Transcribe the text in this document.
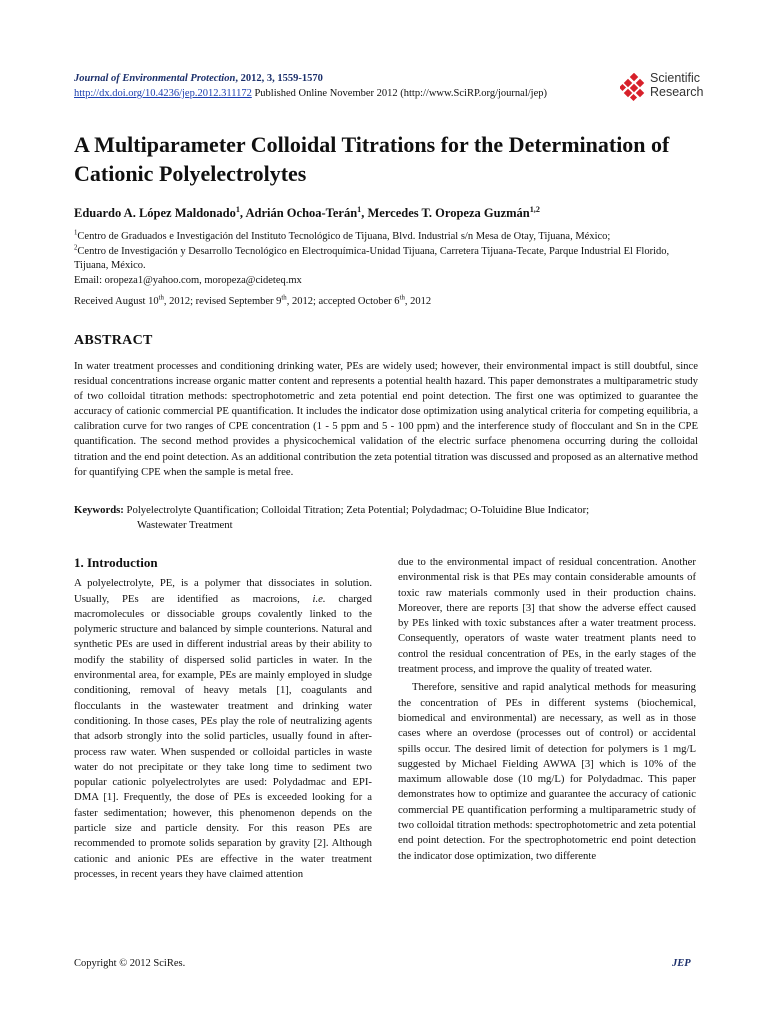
Journal of Environmental Protection, 2012, 3, 1559-1570
http://dx.doi.org/10.4236/jep.2012.311172 Published Online November 2012 (http://www.SciRP.org/journal/jep)
Scientific
Research
A Multiparameter Colloidal Titrations for the Determination of Cationic Polyelectrolytes
Eduardo A. López Maldonado$^1$, Adrián Ochoa-Terán$^1$, Mercedes T. Oropeza Guzmán$^{1,2}$
$^1$Centro de Graduados e Investigación del Instituto Tecnológico de Tijuana, Blvd. Industrial s/n Mesa de Otay, Tijuana, México;
$^2$Centro de Investigación y Desarrollo Tecnológico en Electroquímica-Unidad Tijuana, Carretera Tijuana-Tecate, Parque Industrial El Florido, Tijuana, México.
Email: oropeza1@yahoo.com, moropeza@cideteq.mx
Received August 10th, 2012; revised September 9th, 2012; accepted October 6th, 2012
ABSTRACT
In water treatment processes and conditioning drinking water, PEs are widely used; however, their environmental impact is still doubtful, since residual concentrations increase organic matter content and represents a potential health hazard. This paper demonstrates a multiparametric study of two colloidal titration methods: spectrophotometric and zeta potential end point detection. The first one was optimized to guarantee the accuracy of cationic commercial PE quantification. It includes the indicator dose optimization using analytical criteria for competing equilibria, a calibration curve for two ranges of CPE concentration (1 - 5 ppm and 5 - 100 ppm) and the interference study of flocculant and Sn in the CPE quantification. The second method provides a physicochemical validation of the electric surface phenomena occurring during the colloidal titration and the end point detection. As an additional contribution the zeta potential titration was discussed and proposed as an alternative method for quantifying CPE when the sample is metal free.
Keywords: Polyelectrolyte Quantification; Colloidal Titration; Zeta Potential; Polydadmac; O-Toluidine Blue Indicator;
Wastewater Treatment
1. Introduction

A polyelectrolyte, PE, is a polymer that dissociates in solution. Usually, PEs are identified as macroions, i.e. charged macromolecules or dissociable groups covalently linked to the polymeric structure and balanced by simple counterions. Natural and synthetic PEs are used in different industrial areas by their ability to modify the stability of dispersed solid particles in water. In the environmental area, for example, PEs are mainly employed in sludge conditioning, removal of heavy metals [1], coagulants and flocculants in the wastewater treatment and drinking water conditioning. In those cases, PEs play the role of neutralizing agents that adsorb strongly into the solid particles, usually found in after-process raw water. When suspended or colloidal particles in waste water do not precipitate or they take long time to sediment two popular cationic polyelectrolytes are used: Polydadmac and EPI-DMA [1]. Frequently, the dose of PEs is exceeded looking for a faster sedimentation; however, this phenomenon depends on the particle size and particle density. For this reason PEs are recommended to promote solids separation by gravity [2]. Although cationic and anionic PEs are effective in the water treatment processes, in recent years they have claimed attention

due to the environmental impact of residual concentration. Another environmental risk is that PEs may contain considerable amounts of toxic raw materials commonly used in their production chains. Moreover, there are reports [3] that show the adverse effect caused by PEs linked with toxic substances after a water treatment process. Consequently, operators of waste water treatment plants need to control the residual concentration of PEs, in the early stages of the treatment process, and improve the quality of treated water.

Therefore, sensitive and rapid analytical methods for measuring the concentration of PEs in different systems (biochemical, biomedical and environmental) are necessary, as well as in those cases where an overdose (processes out of control) or accidental spills occur. The desired limit of detection for polymers is 1 mg/L suggested by Michael Fielding AWWA [3] which is 10% of the maximum allowable dose (10 mg/L) for Polydadmac. This paper demonstrates how to optimize and guarantee the accuracy of cationic commercial PE quantification performing a multiparametric study of two colloidal titration methods: spectrophotometric and zeta potential end point detection. For the spectrophotometric end point detection the indicator dose optimization, two differente

Copyright © 2012 SciRes.	JEP
